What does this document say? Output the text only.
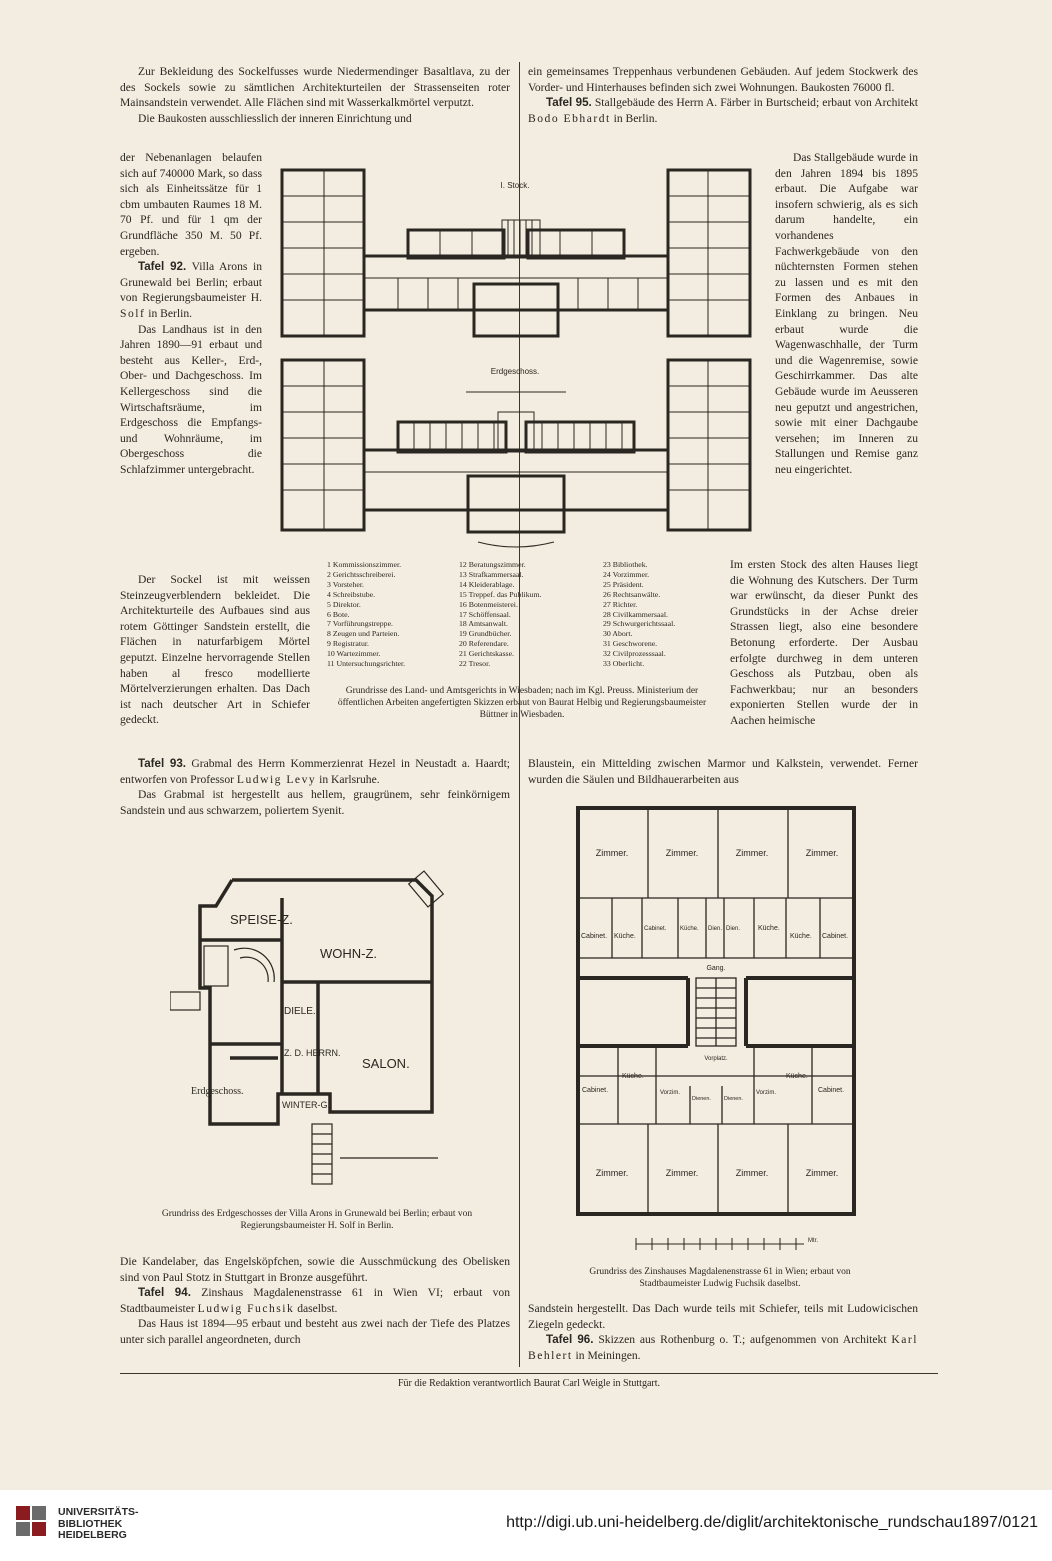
Zur Bekleidung des Sockelfusses wurde Niedermendinger Basaltlava, zu der des Sockels sowie zu sämtlichen Architekturteilen der Strassenseiten roter Mainsandstein verwendet. Alle Flächen sind mit Wasserkalkmörtel verputzt.

Die Baukosten ausschliesslich der inneren Einrichtung und

ein gemeinsames Treppenhaus verbundenen Gebäuden. Auf jedem Stockwerk des Vorder- und Hinterhauses befinden sich zwei Wohnungen. Baukosten 76000 fl.

Tafel 95. Stallgebäude des Herrn A. Färber in Burtscheid; erbaut von Architekt Bodo Ebhardt in Berlin.

der Nebenanlagen belaufen sich auf 740000 Mark, so dass sich als Einheitssätze für 1 cbm umbauten Raumes 18 M. 70 Pf. und für 1 qm der Grundfläche 350 M. 50 Pf. ergeben.

Tafel 92. Villa Arons in Grunewald bei Berlin; erbaut von Regierungsbaumeister H. Solf in Berlin.

Das Landhaus ist in den Jahren 1890—91 erbaut und besteht aus Keller-, Erd-, Ober- und Dachgeschoss. Im Kellergeschoss sind die Wirtschaftsräume, im Erdgeschoss die Empfangs- und Wohnräume, im Obergeschoss die Schlafzimmer untergebracht.

Der Sockel ist mit weissen Steinzeugverblendern bekleidet. Die Architekturteile des Aufbaues sind aus rotem Göttinger Sandstein erstellt, die Flächen in naturfarbigem Mörtel geputzt. Einzelne hervorragende Stellen haben al fresco modellierte Mörtelverzierungen erhalten. Das Dach ist nach deutscher Art in Schiefer gedeckt.

Das Stallgebäude wurde in den Jahren 1894 bis 1895 erbaut. Die Aufgabe war insofern schwierig, als es sich darum handelte, ein vorhandenes Fachwerkgebäude von den nüchternsten Formen stehen zu lassen und es mit den Formen des Anbaues in Einklang zu bringen. Neu erbaut wurde die Wagenwaschhalle, der Turm und die Wagenremise, sowie Geschirrkammer. Das alte Gebäude wurde im Aeusseren neu geputzt und angestrichen, sowie mit einer Dachgaube versehen; im Inneren zu Stallungen und Remise ganz neu eingerichtet.

Im ersten Stock des alten Hauses liegt die Wohnung des Kutschers. Der Turm war erwünscht, da dieser Punkt des Grundstücks in der Achse dreier Strassen liegt, also eine besondere Betonung erforderte. Der Ausbau erfolgte durchweg in dem unteren Geschoss als Putzbau, oben als Fachwerkbau; nur an besonders exponierten Stellen wurde der in Aachen heimische

I. Stock.
Erdgeschoss.
1 Kommissionszimmer.
2 Gerichtsschreiberei.
3 Vorsteher.
4 Schreibstube.
5 Direktor.
6 Bote.
7 Vorführungstreppe.
8 Zeugen und Parteien.
9 Registratur.
10 Wartezimmer.
11 Untersuchungsrichter.
12 Beratungszimmer.
13 Strafkammersaal.
14 Kleiderablage.
15 Treppef. das Publikum.
16 Botenmeisterei.
17 Schöffensaal.
18 Amtsanwalt.
19 Grundbücher.
20 Referendare.
21 Gerichtskasse.
22 Tresor.
23 Bibliothek.
24 Vorzimmer.
25 Präsident.
26 Rechtsanwälte.
27 Richter.
28 Civilkammersaal.
29 Schwurgerichtssaal.
30 Abort.
31 Geschworene.
32 Civilprozesssaal.
33 Oberlicht.
Grundrisse des Land- und Amtsgerichts in Wiesbaden; nach im Kgl. Preuss. Ministerium der öffentlichen Arbeiten angefertigten Skizzen erbaut von Baurat Helbig und Regierungsbaumeister Büttner in Wiesbaden.

Tafel 93. Grabmal des Herrn Kommerzienrat Hezel in Neustadt a. Haardt; entworfen von Professor Ludwig Levy in Karlsruhe.

Das Grabmal ist hergestellt aus hellem, graugrünem, sehr feinkörnigem Sandstein und aus schwarzem, poliertem Syenit.

Blaustein, ein Mittelding zwischen Marmor und Kalkstein, verwendet. Ferner wurden die Säulen und Bildhauerarbeiten aus

SPEISE-Z.
WOHN-Z.
DIELE.
Z. D. HERRN.
SALON.
WINTER-G.
Erdgeschoss.
Grundriss des Erdgeschosses der Villa Arons in Grunewald bei Berlin; erbaut von Regierungsbaumeister H. Solf in Berlin.
Zimmer.	Zimmer.	Zimmer.	Zimmer.
Cabinet. Küche.
Cabinet. Küche. Dien. Dien.	Küche.
Küche. Cabinet.
Gang.
Vorplatz.
Cabinet.
Küche.
Vorzim.
Dienen. Dienen.
Vorzim.
Küche.
Cabinet.
Zimmer.	Zimmer.	Zimmer.	Zimmer.
Mtr.
Grundriss des Zinshauses Magdalenenstrasse 61 in Wien; erbaut von Stadtbaumeister Ludwig Fuchsik daselbst.

Die Kandelaber, das Engelsköpfchen, sowie die Ausschmückung des Obelisken sind von Paul Stotz in Stuttgart in Bronze ausgeführt.

Tafel 94. Zinshaus Magdalenenstrasse 61 in Wien VI; erbaut von Stadtbaumeister Ludwig Fuchsik daselbst.

Das Haus ist 1894—95 erbaut und besteht aus zwei nach der Tiefe des Platzes unter sich parallel angeordneten, durch

Sandstein hergestellt. Das Dach wurde teils mit Schiefer, teils mit Ludowicischen Ziegeln gedeckt.

Tafel 96. Skizzen aus Rothenburg o. T.; aufgenommen von Architekt Karl Behlert in Meiningen.

Für die Redaktion verantwortlich Baurat Carl Weigle in Stuttgart.
UNIVERSITÄTS-
BIBLIOTHEK
HEIDELBERG
http://digi.ub.uni-heidelberg.de/diglit/architektonische_rundschau1897/0121
